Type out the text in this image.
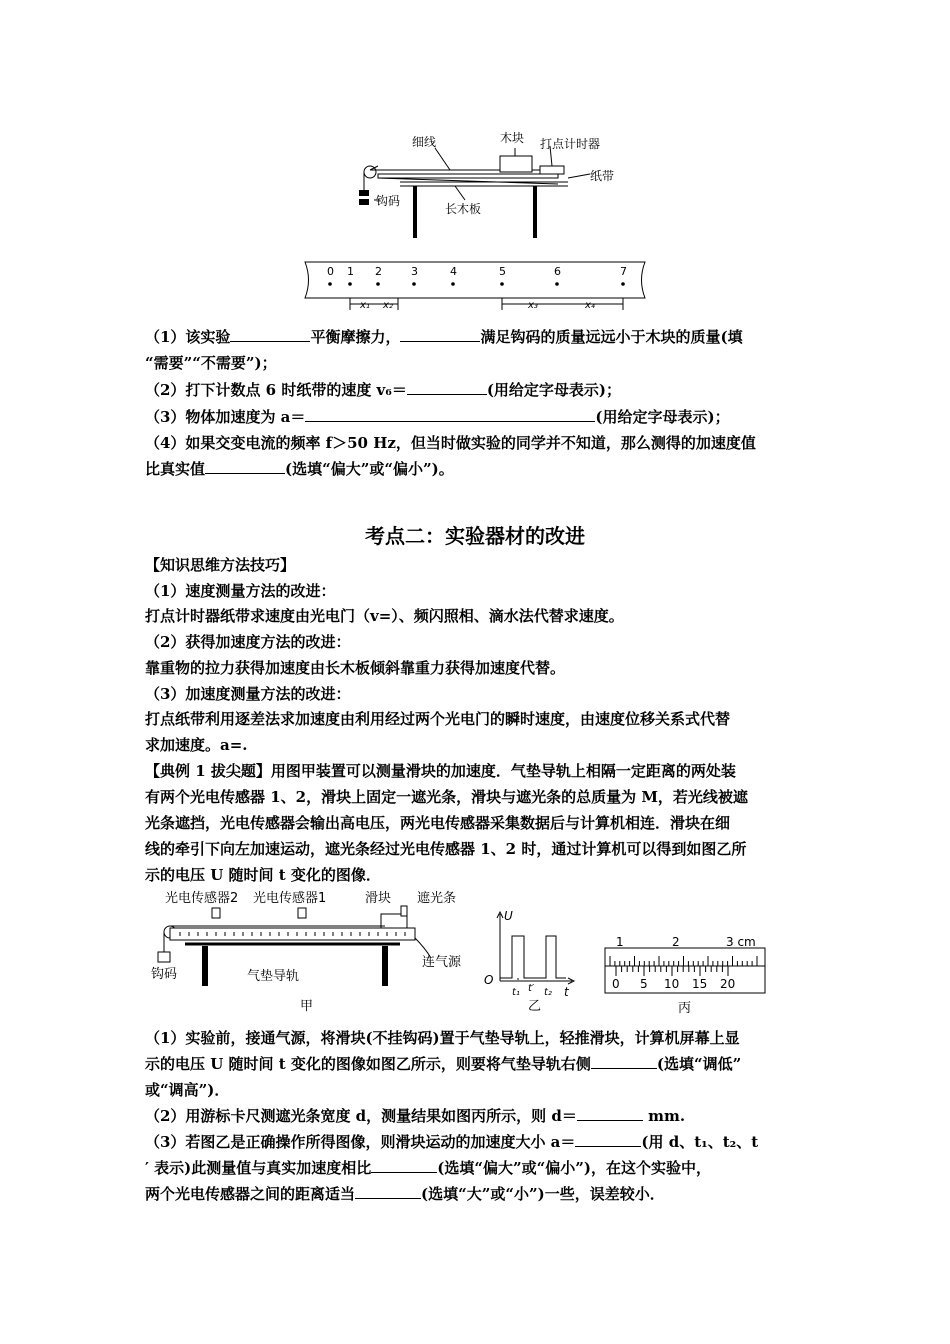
细线	木块 打点计时器
纸带
钩码
长木板
0 1 2	3	4	5	6	7
x₁ x₂	x₃	x₄
（1）该实验	平衡摩擦力，	满足钩码的质量远远小于木块的质量(填
“需要”“不需要”)；
（2）打下计数点 6 时纸带的速度 v₆＝	(用给定字母表示)；
（3）物体加速度为 a＝	(用给定字母表示)；
（4）如果交变电流的频率 f＞50 Hz，但当时做实验的同学并不知道，那么测得的加速度值
比真实值	(选填“偏大”或“偏小”)。
考点二：实验器材的改进
【知识思维方法技巧】
（1）速度测量方法的改进：
打点计时器纸带求速度由光电门（v=）、频闪照相、滴水法代替求速度。
（2）获得加速度方法的改进：
靠重物的拉力获得加速度由长木板倾斜靠重力获得加速度代替。
（3）加速度测量方法的改进：
打点纸带利用逐差法求加速度由利用经过两个光电门的瞬时速度，由速度位移关系式代替
求加速度。a=.
【典例 1 拔尖题】用图甲装置可以测量滑块的加速度．气垫导轨上相隔一定距离的两处装
有两个光电传感器 1、2，滑块上固定一遮光条，滑块与遮光条的总质量为 M，若光线被遮
光条遮挡，光电传感器会输出高电压，两光电传感器采集数据后与计算机相连．滑块在细
线的牵引下向左加速运动，遮光条经过光电传感器 1、2 时，通过计算机可以得到如图乙所
示的电压 U 随时间 t 变化的图像．
光电传感器2 光电传感器1	滑块 遮光条
钩码	气垫导轨
连气源
甲
U
O
t
t₁ t′ t₂
乙
1	2	3 cm
0 5 10 15 20
丙
（1）实验前，接通气源，将滑块(不挂钩码)置于气垫导轨上，轻推滑块，计算机屏幕上显
示的电压 U 随时间 t 变化的图像如图乙所示，则要将气垫导轨右侧	(选填“调低”
或“调高”)．
（2）用游标卡尺测遮光条宽度 d，测量结果如图丙所示，则 d＝	mm.
（3）若图乙是正确操作所得图像，则滑块运动的加速度大小 a＝	(用 d、t₁、t₂、t
′ 表示)此测量值与真实加速度相比	(选填“偏大”或“偏小”)，在这个实验中，
两个光电传感器之间的距离适当	(选填“大”或“小”)一些，误差较小．
